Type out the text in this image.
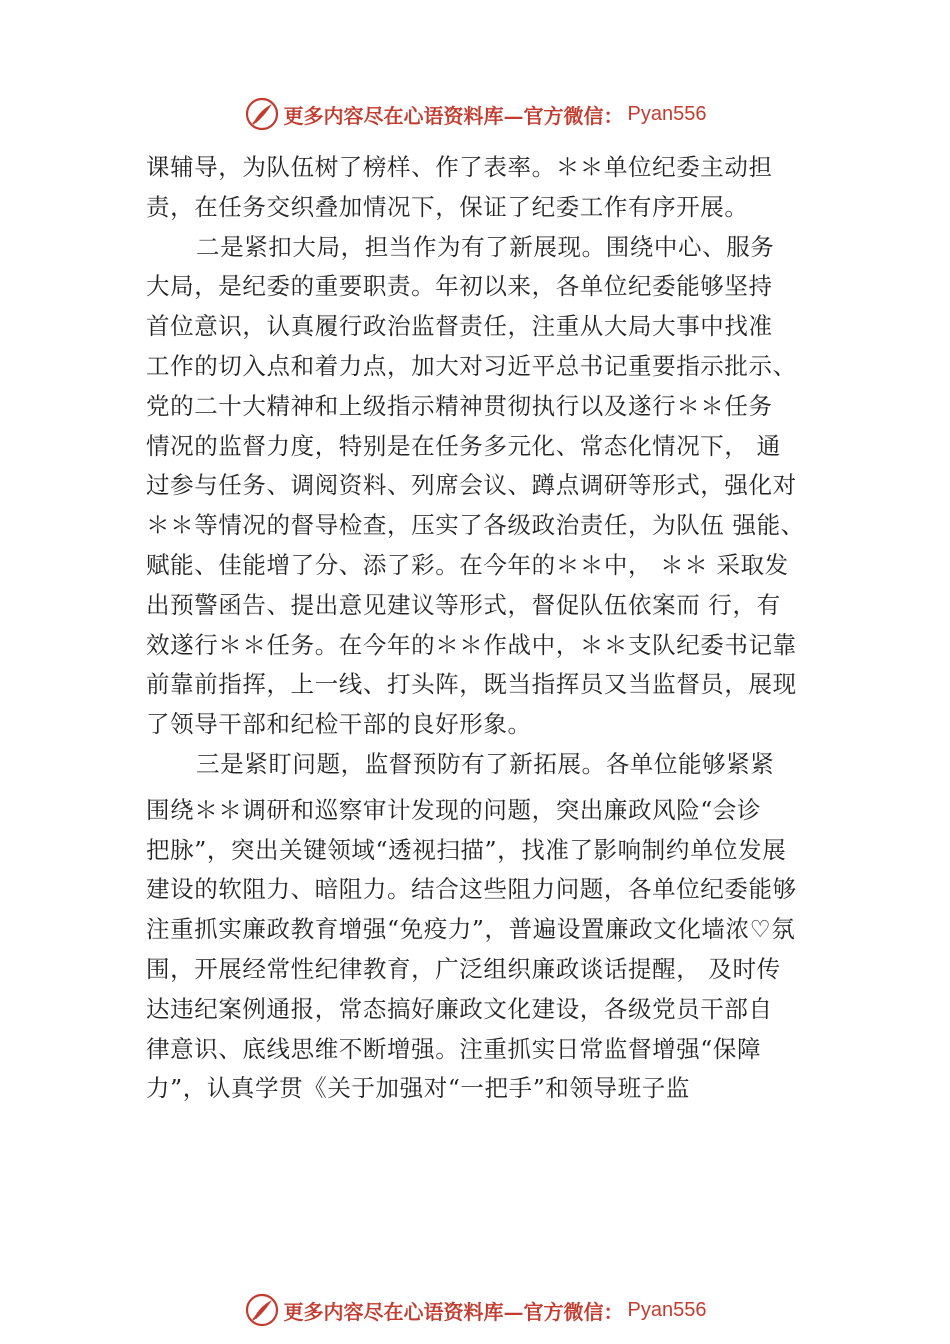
更多内容尽在心语资料库—官方微信： Pyan556
课辅导，为队伍树了榜样、作了表率。＊＊单位纪委主动担
责，在任务交织叠加情况下，保证了纪委工作有序开展。
二是紧扣大局，担当作为有了新展现。围绕中心、服务
大局，是纪委的重要职责。年初以来，各单位纪委能够坚持
首位意识，认真履行政治监督责任，注重从大局大事中找准
工作的切入点和着力点，加大对习近平总书记重要指示批示、
党的二十大精神和上级指示精神贯彻执行以及遂行＊＊任务
情况的监督力度，特别是在任务多元化、常态化情况下， 通
过参与任务、调阅资料、列席会议、蹲点调研等形式，强化对
＊＊等情况的督导检查，压实了各级政治责任，为队伍 强能、
赋能、佳能增了分、添了彩。在今年的＊＊中， ＊＊ 采取发
出预警函告、提出意见建议等形式，督促队伍依案而 行，有
效遂行＊＊任务。在今年的＊＊作战中，＊＊支队纪委书记靠
前靠前指挥，上一线、打头阵，既当指挥员又当监督员，展现
了领导干部和纪检干部的良好形象。
三是紧盯问题，监督预防有了新拓展。各单位能够紧紧
围绕＊＊调研和巡察审计发现的问题，突出廉政风险“会诊
把脉”，突出关键领域“透视扫描”，找准了影响制约单位发展
建设的软阻力、暗阻力。结合这些阻力问题，各单位纪委能够
注重抓实廉政教育增强“免疫力”，普遍设置廉政文化墙浓♡氛
围，开展经常性纪律教育，广泛组织廉政谈话提醒， 及时传
达违纪案例通报，常态搞好廉政文化建设，各级党员干部自
律意识、底线思维不断增强。注重抓实日常监督增强“保障
力”，认真学贯《关于加强对“一把手”和领导班子监
更多内容尽在心语资料库—官方微信： Pyan556
